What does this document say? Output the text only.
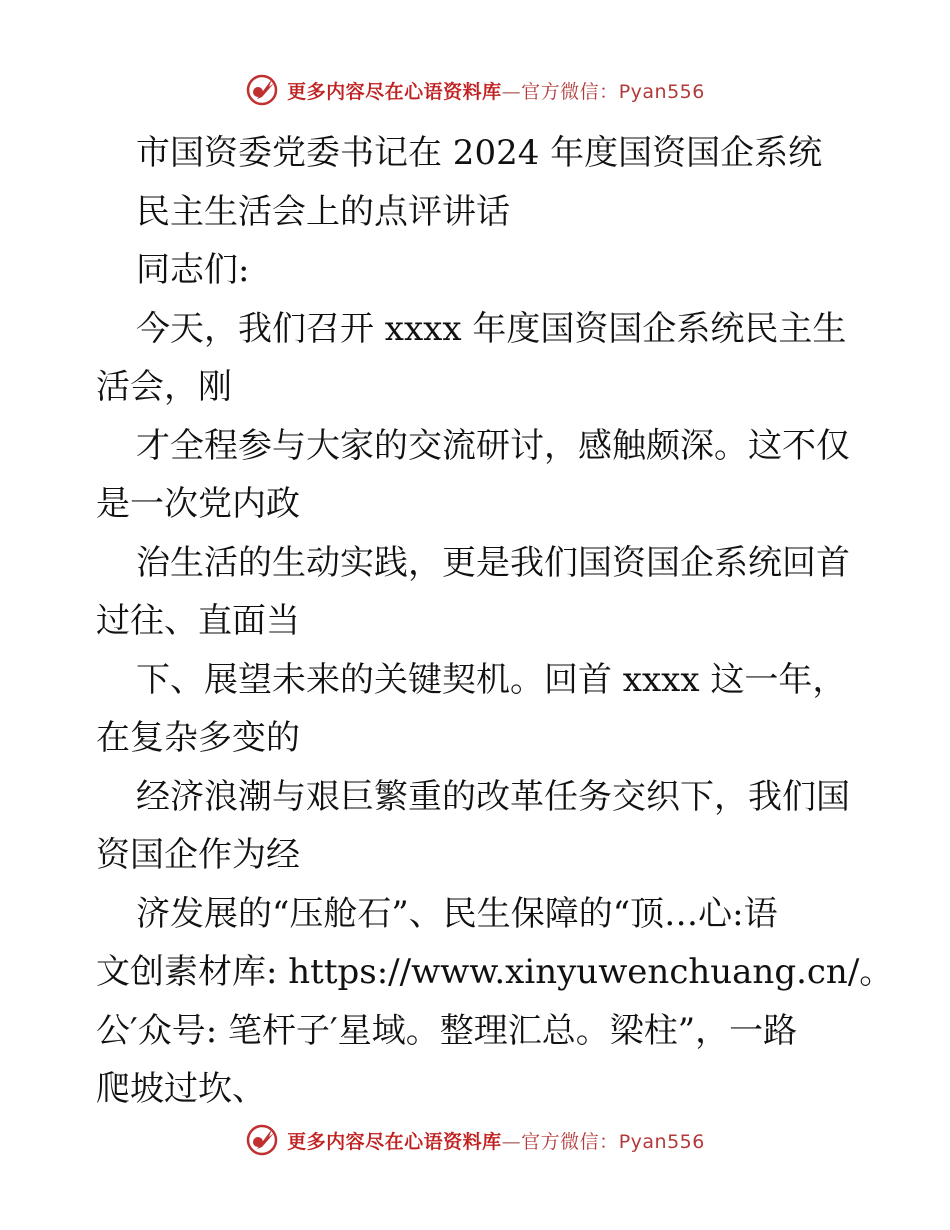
更多内容尽在心语资料库—官方微信：Pyan556
市国资委党委书记在 2024 年度国资国企系统
民主生活会上的点评讲话
同志们:
今天，我们召开 xxxx 年度国资国企系统民主生
活会，刚
才全程参与大家的交流研讨，感触颇深。这不仅
是一次党内政
治生活的生动实践，更是我们国资国企系统回首
过往、直面当
下、展望未来的关键契机。回首 xxxx 这一年，
在复杂多变的
经济浪潮与艰巨繁重的改革任务交织下，我们国
资国企作为经
济发展的“压舱石”、民生保障的“顶…心:语
文创素材库: https://www.xinyuwenchuang.cn/。
公′众号: 笔杆子′星域。整理汇总。梁柱”，一路
爬坡过坎、
更多内容尽在心语资料库—官方微信：Pyan556
